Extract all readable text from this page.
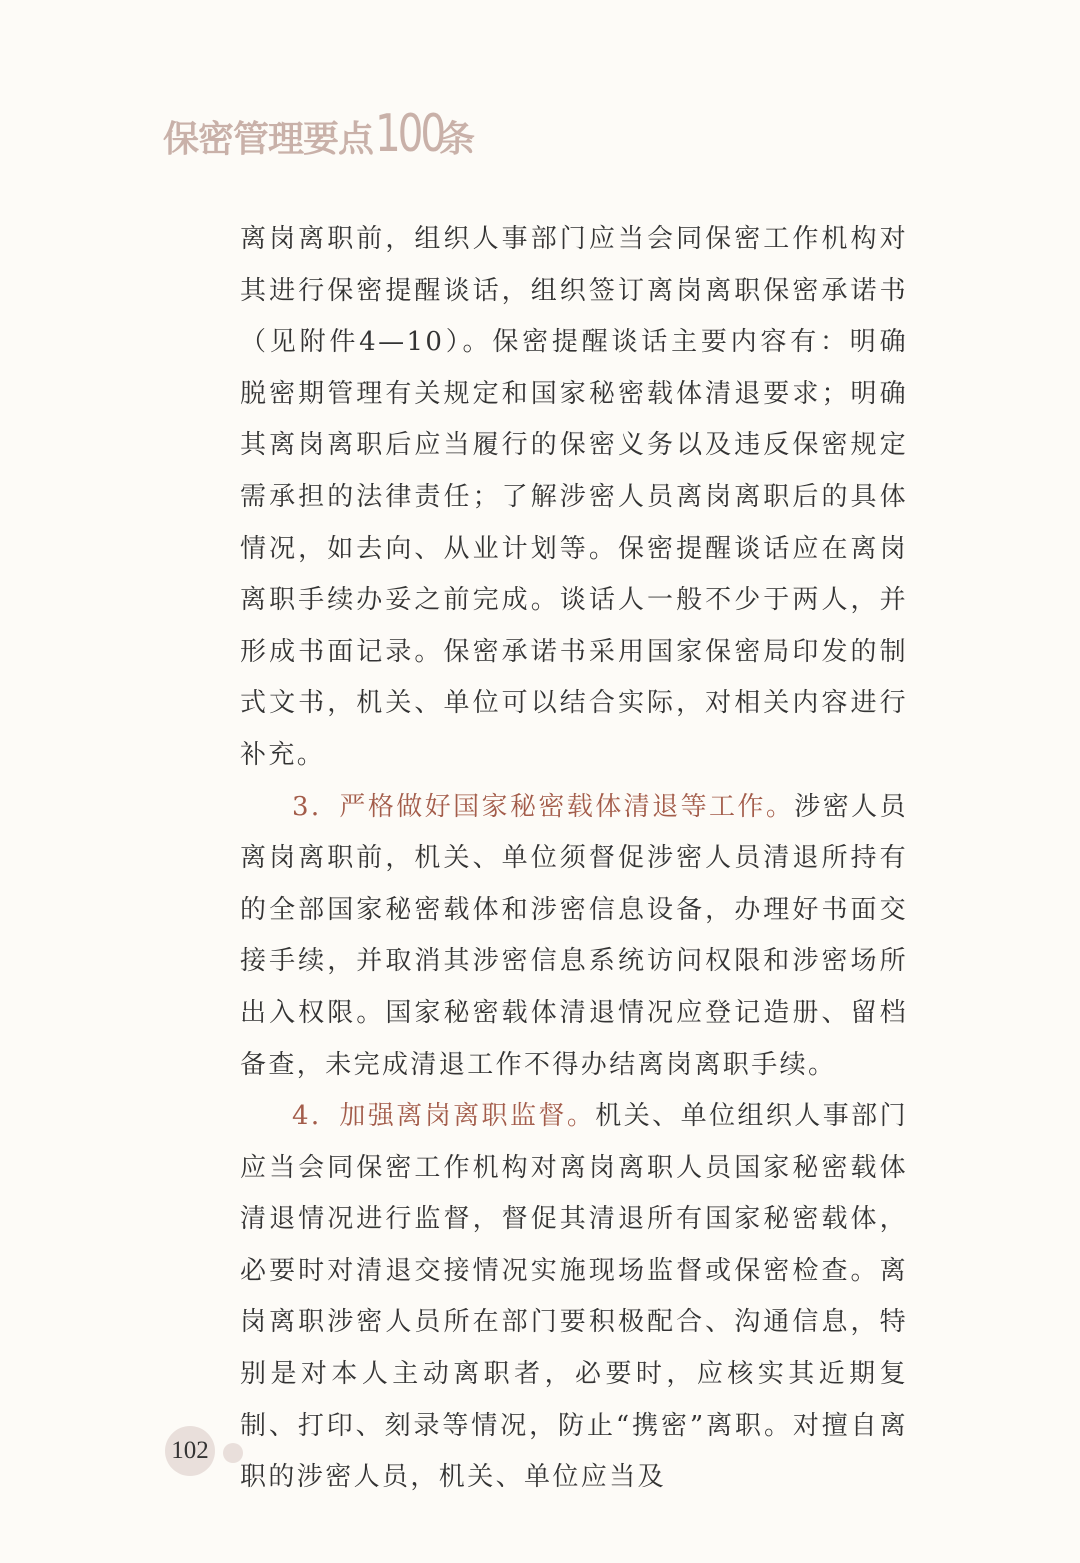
保密管理要点 100
条

离岗离职前，组织人事部门应当会同保密工作机构对其进行保密提醒谈话，组织签订离岗离职保密承诺书（见附件4—10）。保密提醒谈话主要内容有：明确脱密期管理有关规定和国家秘密载体清退要求；明确其离岗离职后应当履行的保密义务以及违反保密规定需承担的法律责任；了解涉密人员离岗离职后的具体情况，如去向、从业计划等。保密提醒谈话应在离岗离职手续办妥之前完成。谈话人一般不少于两人，并形成书面记录。保密承诺书采用国家保密局印发的制式文书，机关、单位可以结合实际，对相关内容进行补充。

3．严格做好国家秘密载体清退等工作。涉密人员离岗离职前，机关、单位须督促涉密人员清退所持有的全部国家秘密载体和涉密信息设备，办理好书面交接手续，并取消其涉密信息系统访问权限和涉密场所出入权限。国家秘密载体清退情况应登记造册、留档备查，未完成清退工作不得办结离岗离职手续。

4．加强离岗离职监督。机关、单位组织人事部门应当会同保密工作机构对离岗离职人员国家秘密载体清退情况进行监督，督促其清退所有国家秘密载体，必要时对清退交接情况实施现场监督或保密检查。离岗离职涉密人员所在部门要积极配合、沟通信息，特别是对本人主动离职者，必要时，应核实其近期复制、打印、刻录等情况，防止“携密”离职。对擅自离职的涉密人员，机关、单位应当及

102
